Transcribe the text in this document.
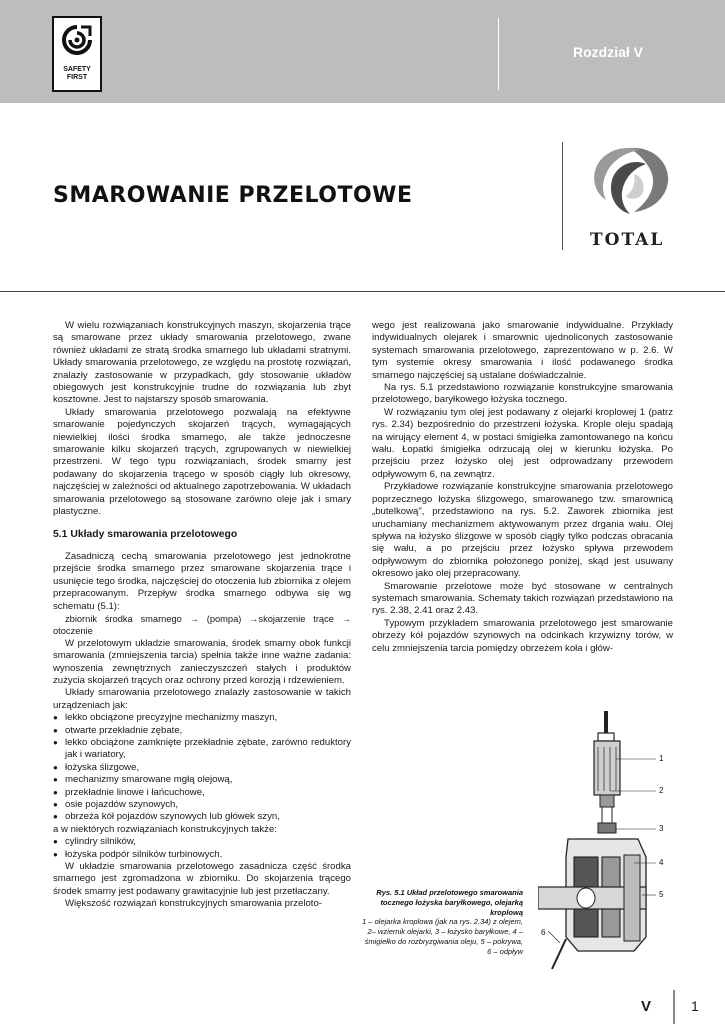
SAFETY
FIRST
Rozdział V
SMAROWANIE PRZELOTOWE
TOTAL

W wielu rozwiązaniach konstrukcyjnych maszyn, skojarzenia trące są smarowane przez układy smarowania przelotowego, zwane również układami ze stratą środka smarnego lub układami stratnymi. Układy smarowania przelotowego, ze względu na prostotę rozwiązań, znalazły zastosowanie w przypadkach, gdy stosowanie układów obiegowych jest konstrukcyjnie trudne do rozwiązania lub zbyt kosztowne. Jest to najstarszy sposób smarowania.

Układy smarowania przelotowego pozwalają na efektywne smarowanie pojedynczych skojarzeń trących, wymagających niewielkiej ilości środka smarnego, ale także jednoczesne smarowanie kilku skojarzeń trących, zgrupowanych w niewielkiej przestrzeni. W tego typu rozwiązaniach, środek smarny jest podawany do skojarzenia trącego w sposób ciągły lub okresowy, najczęściej w zależności od aktualnego zapotrzebowania. W układach smarowania przelotowego są stosowane zarówno oleje jak i smary plastyczne.

5.1 Układy smarowania przelotowego

Zasadniczą cechą smarowania przelotowego jest jednokrotne przejście środka smarnego przez smarowane skojarzenia trące i usunięcie tego środka, najczęściej do otoczenia lub zbiornika z olejem przepracowanym. Przepływ środka smarnego odbywa się wg schematu (5.1):

zbiornik środka smarnego → (pompa) →skojarzenie trące → otoczenie

W przelotowym układzie smarowania, środek smarny obok funkcji smarowania (zmniejszenia tarcia) spełnia także inne ważne zadania: wynoszenia zewnętrznych zanieczyszczeń stałych i produktów zużycia skojarzeń trących oraz ochrony przed korozją i rdzewieniem.

Układy smarowania przelotowego znalazły zastosowanie w takich urządzeniach jak:

● lekko obciążone precyzyjne mechanizmy maszyn,
● otwarte przekładnie zębate,
● lekko obciążone zamknięte przekładnie zębate, zarówno reduktory jak i wariatory,
● łożyska ślizgowe,
● mechanizmy smarowane mgłą olejową,
● przekładnie linowe i łańcuchowe,
● osie pojazdów szynowych,
● obrzeża kół pojazdów szynowych lub główek szyn,

a w niektórych rozwiązaniach konstrukcyjnych także:

● cylindry silników,
● łożyska podpór silników turbinowych.

W układzie smarowania przelotowego zasadnicza część środka smarnego jest zgromadzona w zbiorniku. Do skojarzenia trącego środek smarny jest podawany grawitacyjnie lub jest przetłaczany.

Większość rozwiązań konstrukcyjnych smarowania przeloto-

wego jest realizowana jako smarowanie indywidualne. Przykłady indywidualnych olejarek i smarownic ujednoliconych zastosowanie systemach smarowania przelotowego, zaprezentowano w p. 2.6. W tym systemie okresy smarowania i ilość podawanego środka smarnego najczęściej są ustalane doświadczalnie.

Na rys. 5.1 przedstawiono rozwiązanie konstrukcyjne smarowania przelotowego, baryłkowego łożyska tocznego.

W rozwiązaniu tym olej jest podawany z olejarki kroplowej 1 (patrz rys. 2.34) bezpośrednio do przestrzeni łożyska. Krople oleju spadają na wirujący element 4, w postaci śmigiełka zamontowanego na końcu wału. Łopatki śmigiełka odrzucają olej w kierunku łożyska. Po przejściu przez łożysko olej jest odprowadzany przewodem odpływowym 6, na zewnątrz.

Przykładowe rozwiązanie konstrukcyjne smarowania przelotowego poprzecznego łożyska ślizgowego, smarowanego tzw. smarownicą „butelkową", przedstawiono na rys. 5.2. Zaworek zbiornika jest uruchamiany mechanizmem aktywowanym przez drgania wału. Olej spływa na łożysko ślizgowe w sposób ciągły tylko podczas obracania się wału, a po przejściu przez łożysko spływa przewodem odpływowym do zbiornika położonego poniżej, skąd jest usuwany okresowo jako olej przepracowany.

Smarowanie przelotowe może być stosowane w centralnych systemach smarowania. Schematy takich rozwiązań przedstawiono na rys. 2.38, 2.41 oraz 2.43.

Typowym przykładem smarowania przelotowego jest smarowanie obrzeży kół pojazdów szynowych na odcinkach krzywizny torów, w celu zmniejszenia tarcia pomiędzy obrzeżem koła i głów-

1
2
3
4
5
6
Rys. 5.1 Układ przelotowego smarowania tocznego łożyska baryłkowego, olejarką kroplową
1 – olejarka kroplowa (jak na rys. 2.34) z olejem, 2– wziernik olejarki, 3 – łożysko baryłkowe, 4 – śmigiełko do rozbryzgiwania oleju, 5 – pokrywa, 6 – odpływ
V	1
